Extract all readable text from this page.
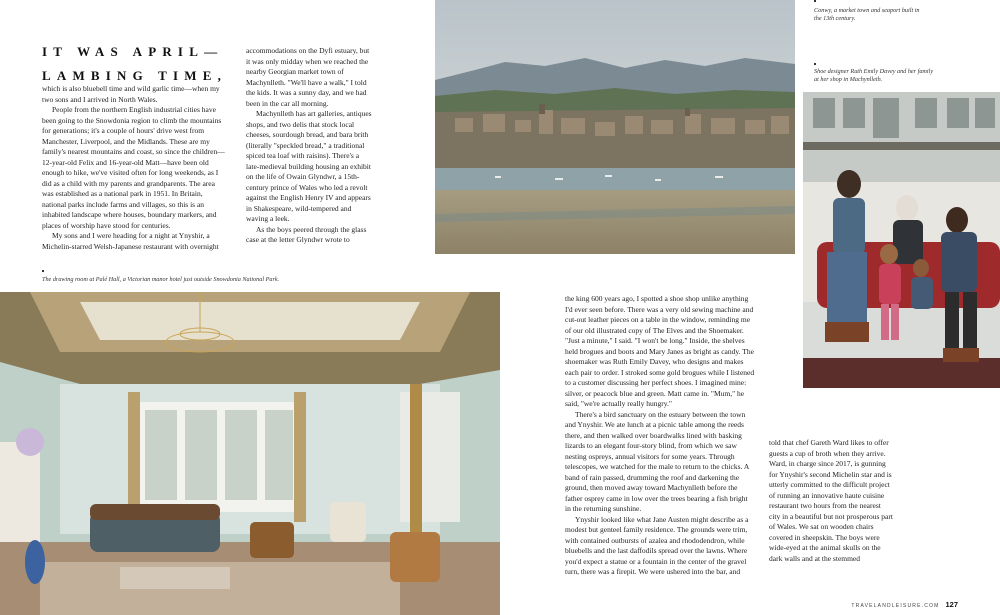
IT WAS APRIL—
LAMBING TIME,

which is also bluebell time and wild garlic time—when my two sons and I arrived in North Wales.

People from the northern English industrial cities have been going to the Snowdonia region to climb the mountains for generations; it's a couple of hours' drive west from Manchester, Liverpool, and the Midlands. These are my family's nearest mountains and coast, so since the children—12-year-old Felix and 16-year-old Matt—have been old enough to hike, we've visited often for long weekends, as I did as a child with my parents and grandparents. The area was established as a national park in 1951. In Britain, national parks include farms and villages, so this is an inhabited landscape where houses, boundary markers, and places of worship have stood for centuries.

My sons and I were heading for a night at Ynyshir, a Michelin-starred Welsh-Japanese restaurant with overnight

accommodations on the Dyfi estuary, but it was only midday when we reached the nearby Georgian market town of Machynlleth. "We'll have a walk," I told the kids. It was a sunny day, and we had been in the car all morning.

Machynlleth has art galleries, antiques shops, and two delis that stock local cheeses, sourdough bread, and bara brith (literally "speckled bread," a traditional spiced tea loaf with raisins). There's a late-medieval building housing an exhibit on the life of Owain Glyndwr, a 15th-century prince of Wales who led a revolt against the English Henry IV and appears in Shakespeare, wild-tempered and waving a leek.

As the boys peered through the glass case at the letter Glyndwr wrote to

Conwy, a market town and seaport built in the 13th century.
Shoe designer Ruth Emily Davey and her family at her shop in Machynlleth.
The drawing room at Palé Hall, a Victorian manor hotel just outside Snowdonia National Park.

the king 600 years ago, I spotted a shoe shop unlike anything I'd ever seen before. There was a very old sewing machine and cut-out leather pieces on a table in the window, reminding me of our old illustrated copy of The Elves and the Shoemaker. "Just a minute," I said. "I won't be long." Inside, the shelves held brogues and boots and Mary Janes as bright as candy. The shoemaker was Ruth Emily Davey, who designs and makes each pair to order. I stroked some gold brogues while I listened to a customer discussing her perfect shoes. I imagined mine: silver, or peacock blue and green. Matt came in. "Mum," he said, "we're actually really hungry."

There's a bird sanctuary on the estuary between the town and Ynyshir. We ate lunch at a picnic table among the reeds there, and then walked over boardwalks lined with basking lizards to an elegant four-story blind, from which we saw nesting ospreys, annual visitors for some years. Through telescopes, we watched for the male to return to the chicks. A band of rain passed, drumming the roof and darkening the ground, then moved away toward Machynlleth before the father osprey came in low over the trees bearing a fish bright in the returning sunshine.

Ynyshir looked like what Jane Austen might describe as a modest but genteel family residence. The grounds were trim, with contained outbursts of azalea and rhododendron, while bluebells and the last daffodils spread over the lawns. Where you'd expect a statue or a fountain in the center of the gravel turn, there was a firepit. We were ushered into the bar, and

told that chef Gareth Ward likes to offer guests a cup of broth when they arrive. Ward, in charge since 2017, is gunning for Ynyshir's second Michelin star and is utterly committed to the difficult project of running an innovative haute cuisine restaurant two hours from the nearest city in a beautiful but not prosperous part of Wales. We sat on wooden chairs covered in sheepskin. The boys were wide-eyed at the animal skulls on the dark walls and at the stemmed

TRAVELANDLEISURE.COM 127
